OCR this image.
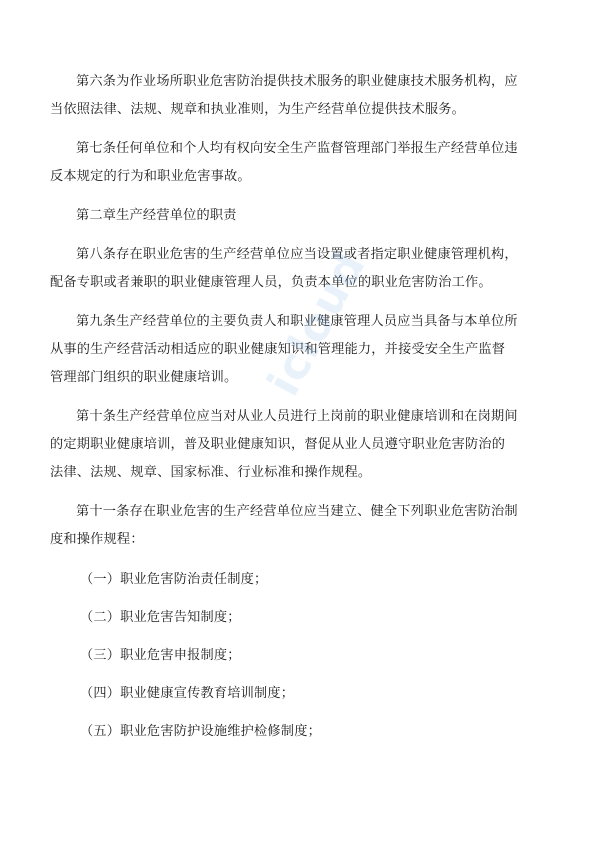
第六条为作业场所职业危害防治提供技术服务的职业健康技术服务机构，应
当依照法律、法规、规章和执业准则，为生产经营单位提供技术服务。
第七条任何单位和个人均有权向安全生产监督管理部门举报生产经营单位违
反本规定的行为和职业危害事故。
第二章生产经营单位的职责
第八条存在职业危害的生产经营单位应当设置或者指定职业健康管理机构，
配备专职或者兼职的职业健康管理人员，负责本单位的职业危害防治工作。
第九条生产经营单位的主要负责人和职业健康管理人员应当具备与本单位所
从事的生产经营活动相适应的职业健康知识和管理能力，并接受安全生产监督
管理部门组织的职业健康培训。
第十条生产经营单位应当对从业人员进行上岗前的职业健康培训和在岗期间
的定期职业健康培训，普及职业健康知识，督促从业人员遵守职业危害防治的
法律、法规、规章、国家标准、行业标准和操作规程。
第十一条存在职业危害的生产经营单位应当建立、健全下列职业危害防治制
度和操作规程：
（一）职业危害防治责任制度；
（二）职业危害告知制度；
（三）职业危害申报制度；
（四）职业健康宣传教育培训制度；
（五）职业危害防护设施维护检修制度；
icloud
